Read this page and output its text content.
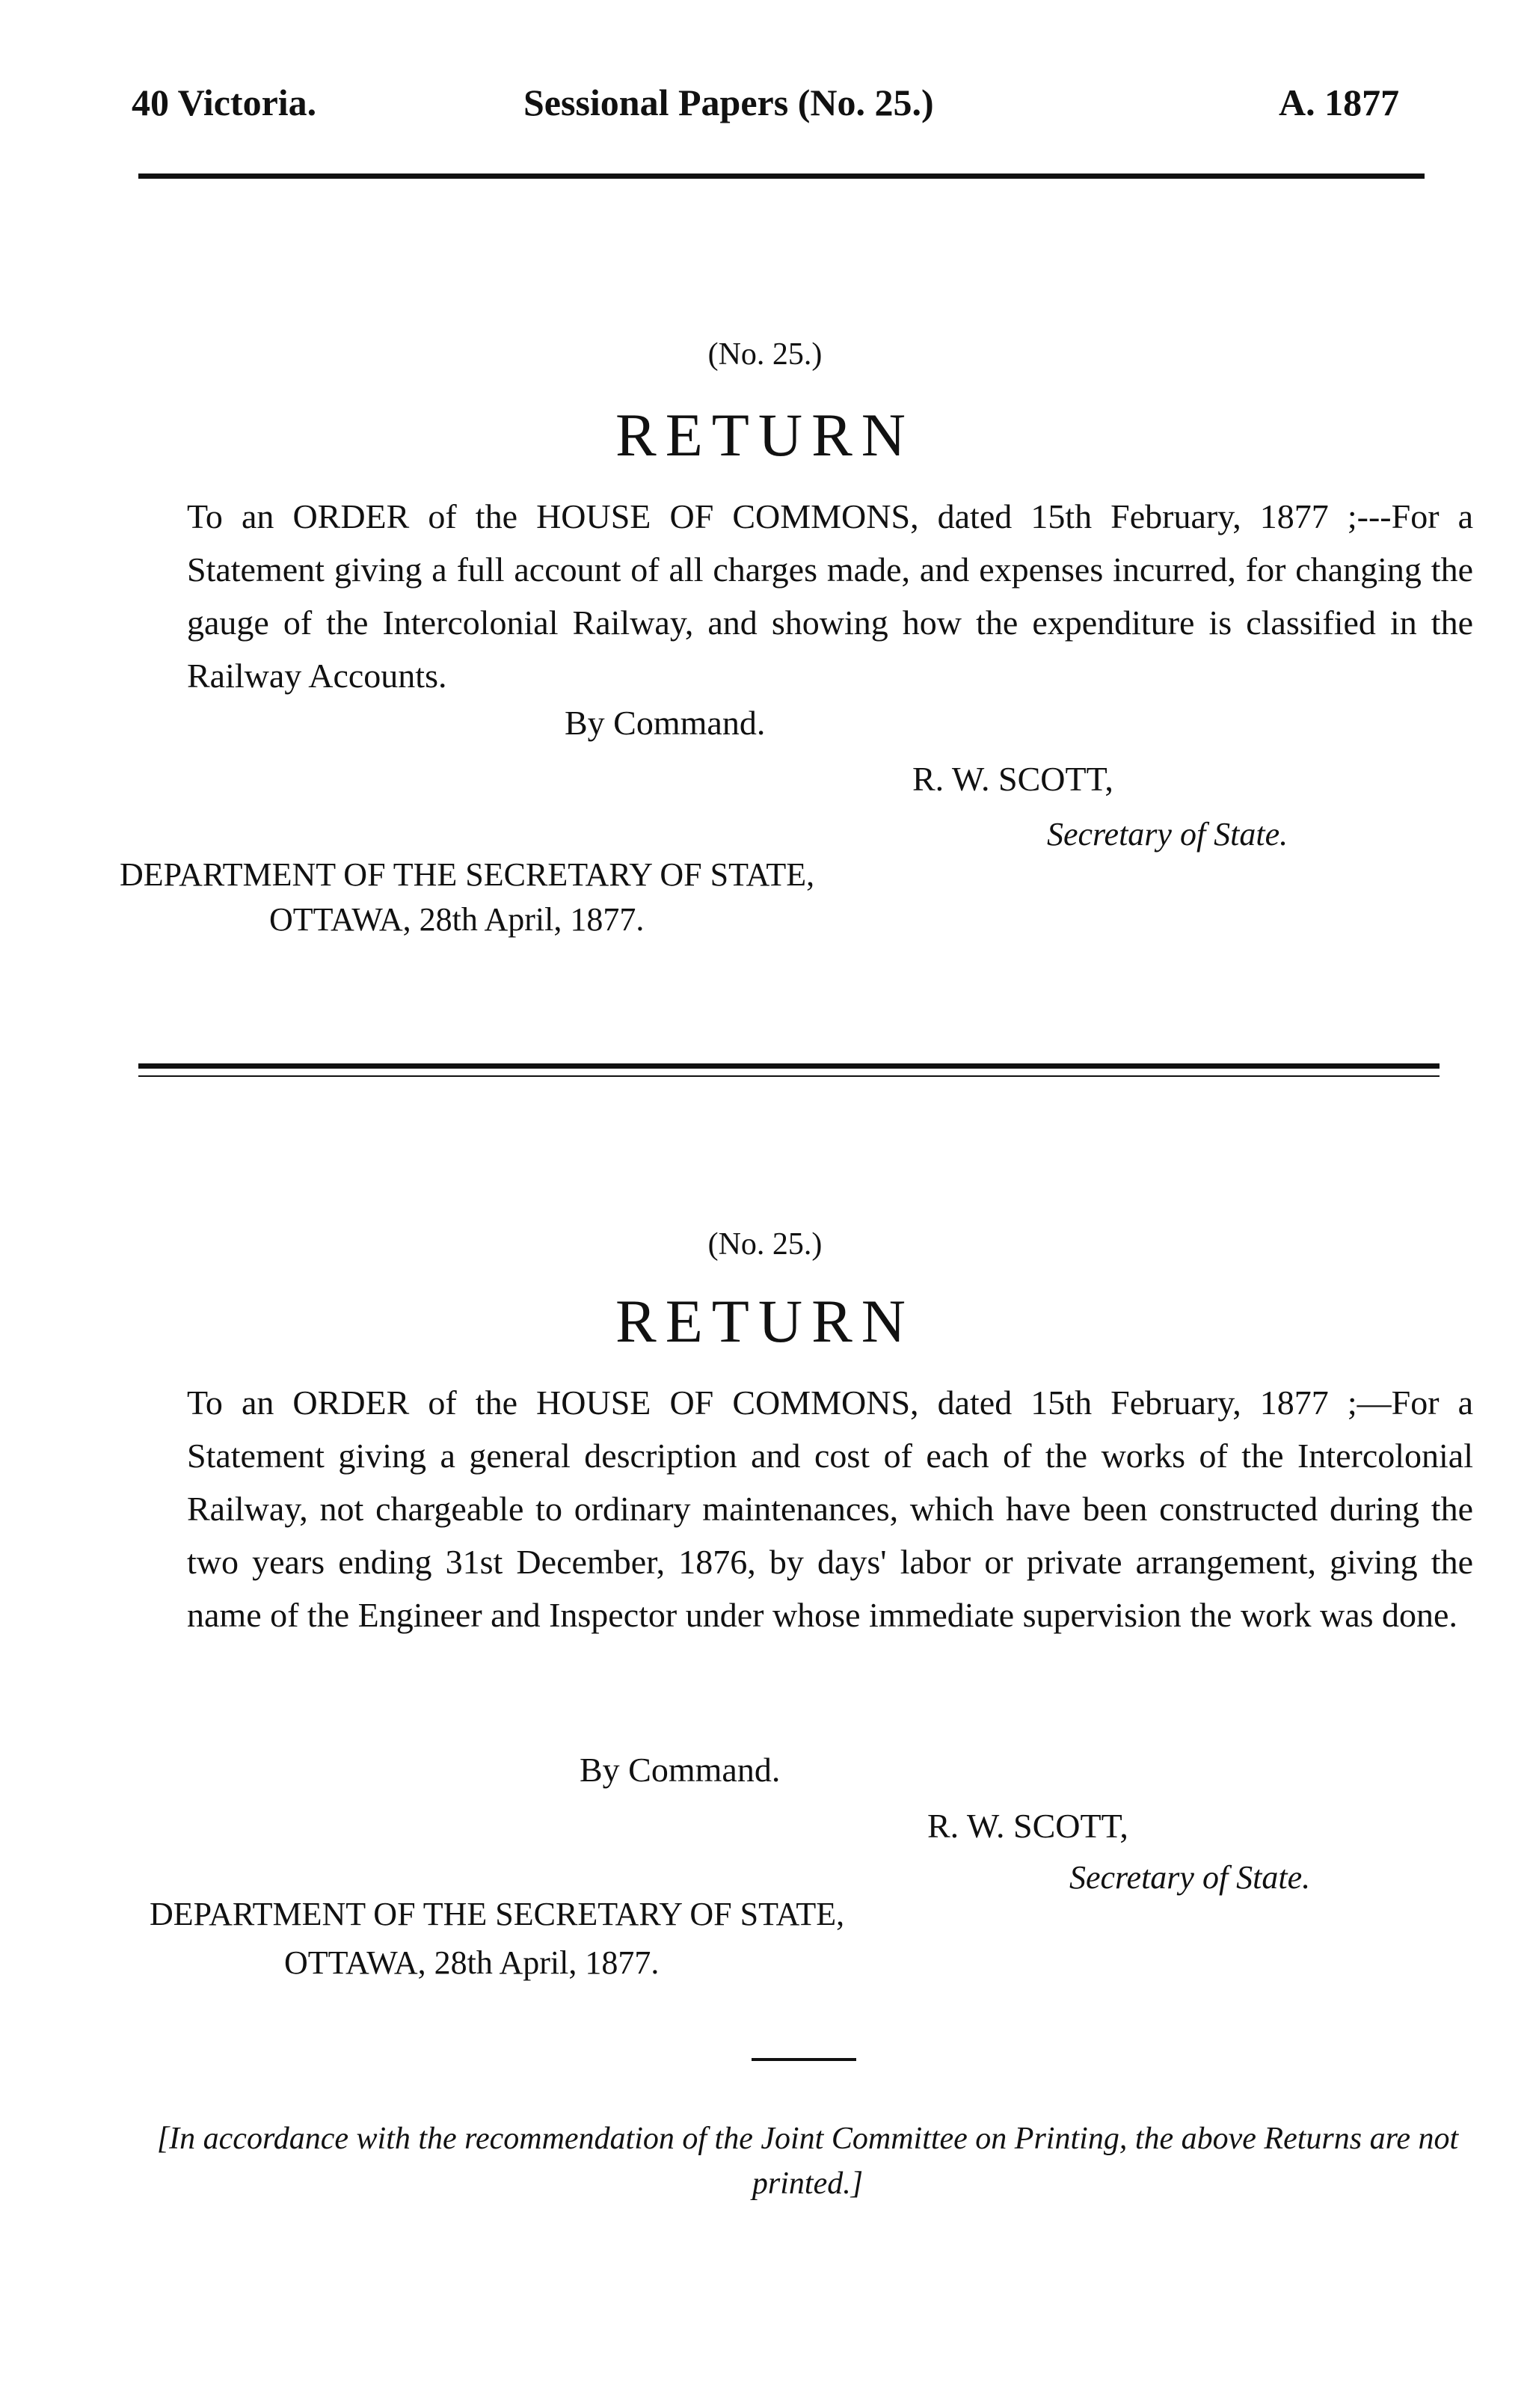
40 Victoria.	Sessional Papers (No. 25.)	A. 1877
(No. 25.)
RETURN
To an ORDER of the HOUSE OF COMMONS, dated 15th February, 1877 ;---For a Statement giving a full account of all charges made, and expenses incurred, for changing the gauge of the Intercolonial Railway, and showing how the expenditure is classified in the Railway Accounts.
By Command.
R. W. SCOTT,
Secretary of State.
DEPARTMENT OF THE SECRETARY OF STATE,
OTTAWA, 28th April, 1877.
(No. 25.)
RETURN
To an ORDER of the HOUSE OF COMMONS, dated 15th February, 1877 ;—For a Statement giving a general description and cost of each of the works of the Intercolonial Railway, not chargeable to ordinary maintenances, which have been constructed during the two years ending 31st December, 1876, by days' labor or private arrangement, giving the name of the Engineer and Inspector under whose immediate supervision the work was done.
By Command.
R. W. SCOTT,
Secretary of State.
DEPARTMENT OF THE SECRETARY OF STATE,
OTTAWA, 28th April, 1877.
[In accordance with the recommendation of the Joint Committee on Printing, the above Returns are not printed.]
